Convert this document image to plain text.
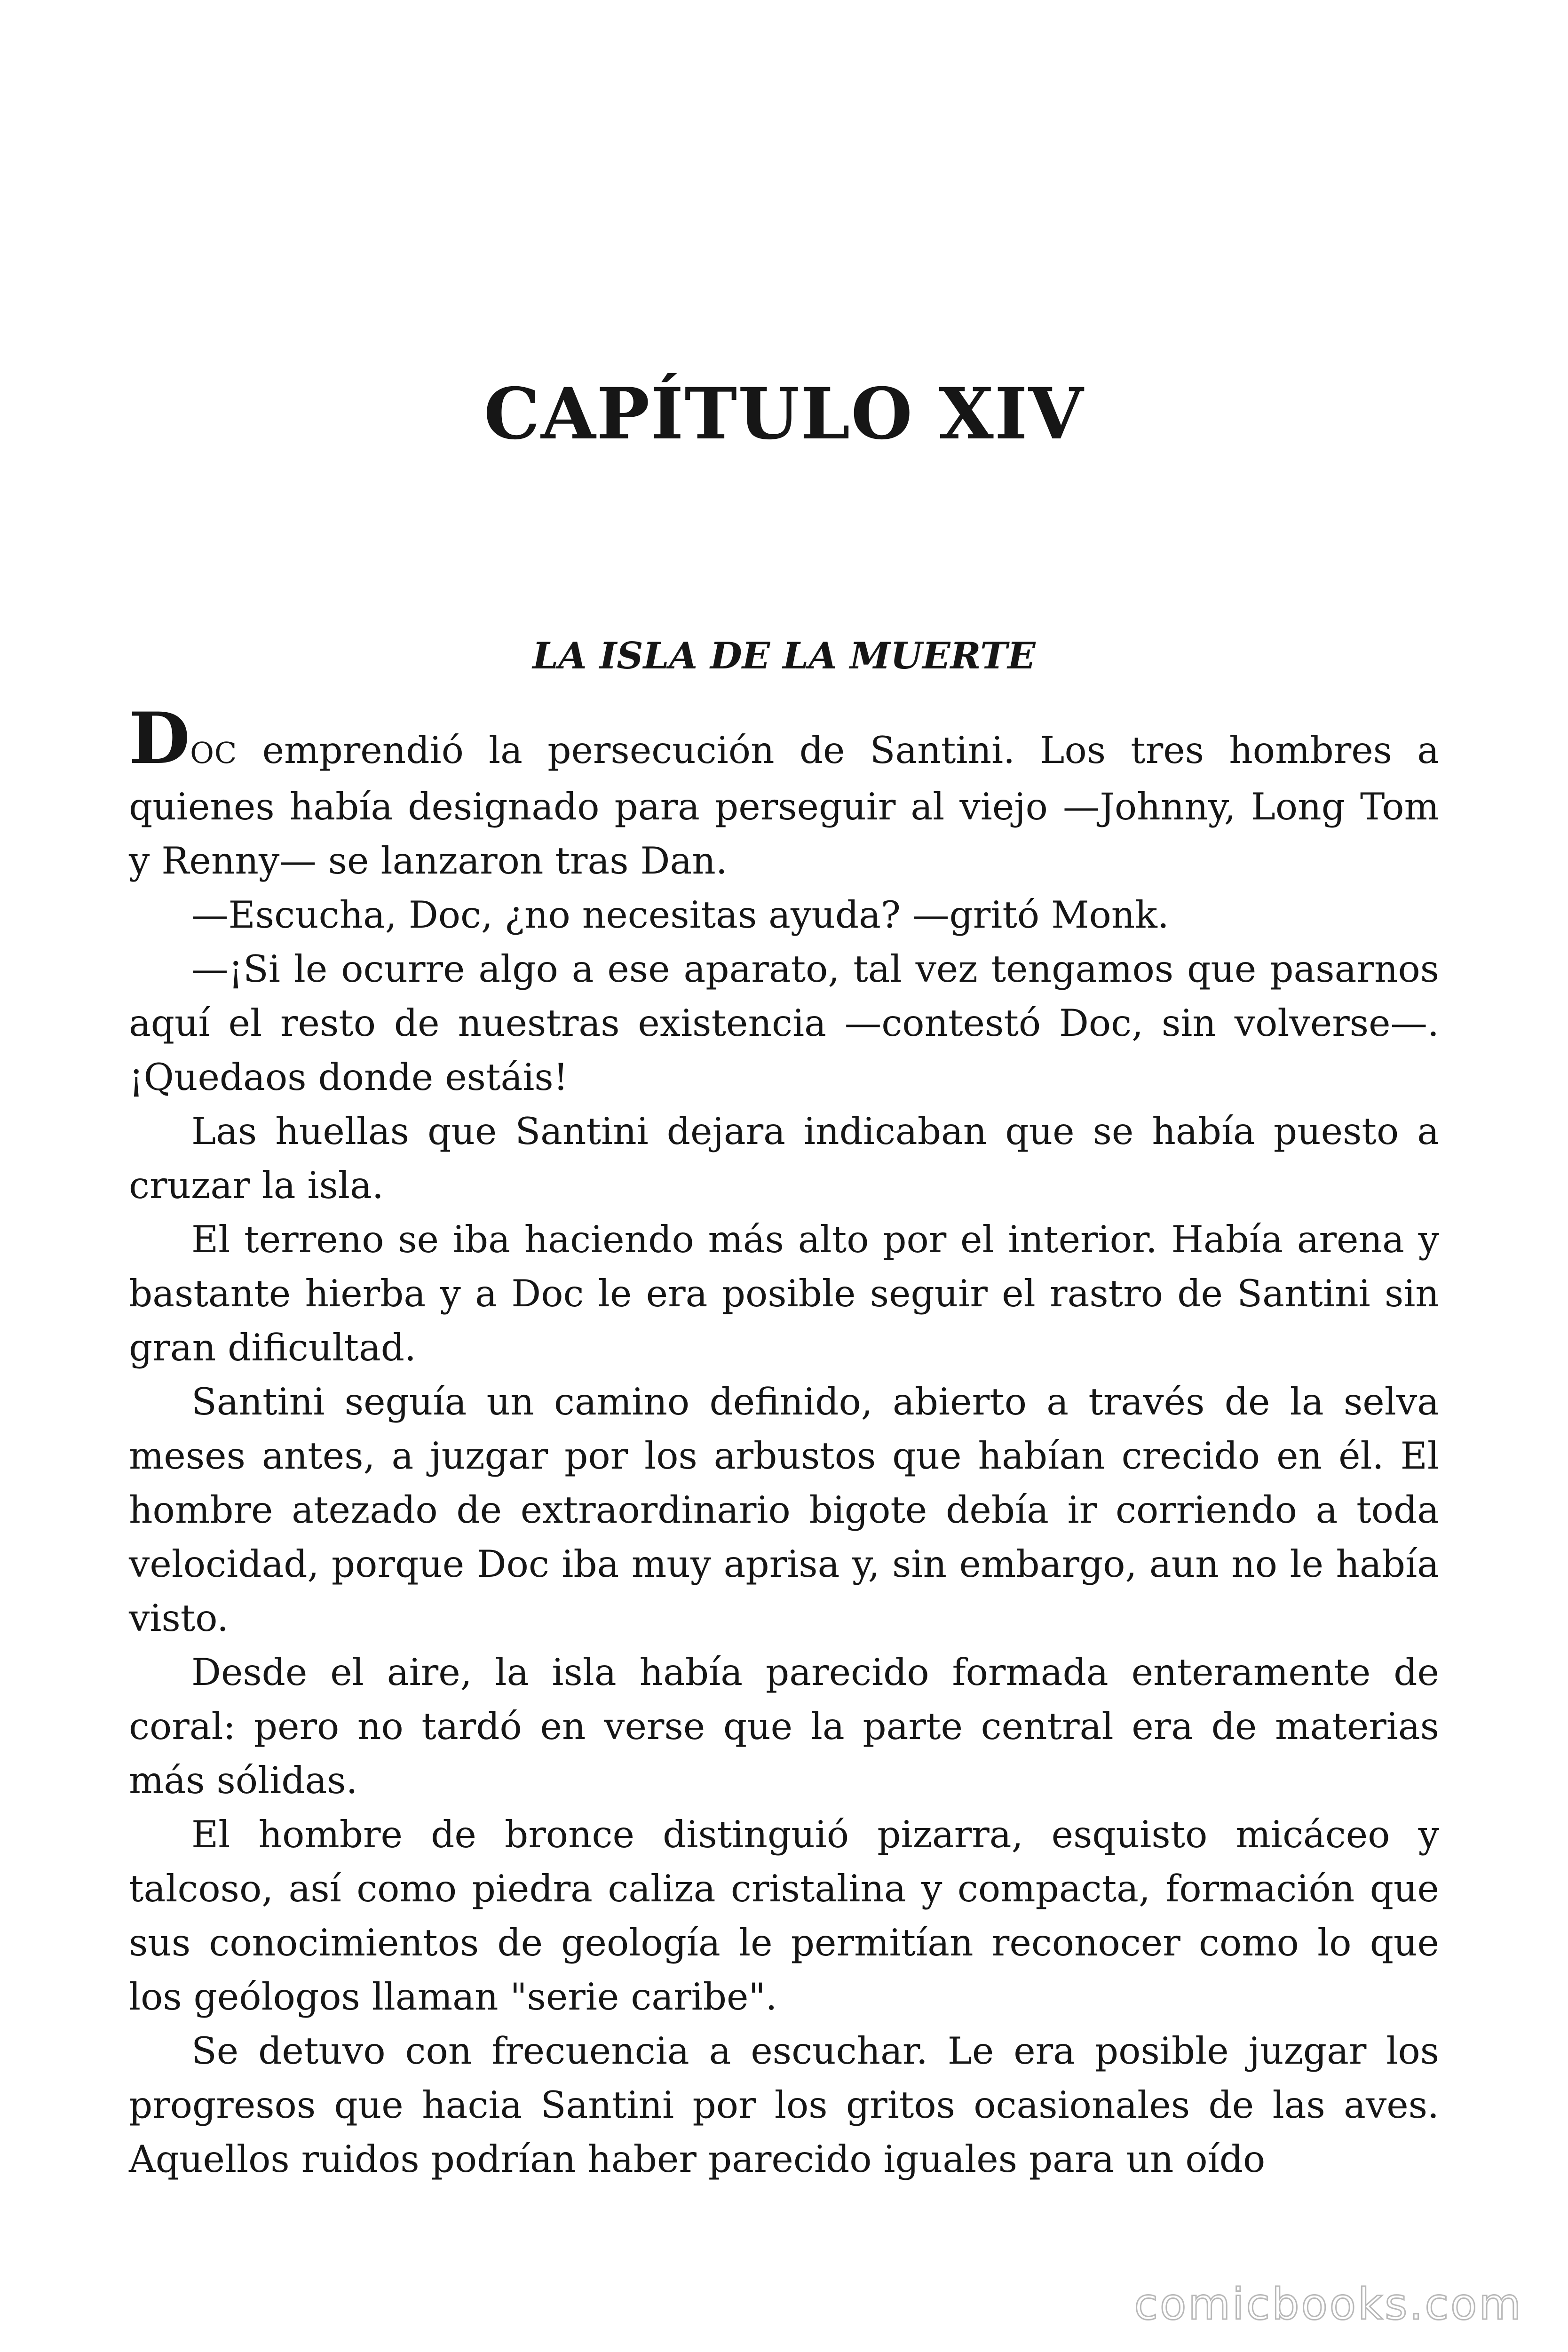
CAPÍTULO XIV
LA ISLA DE LA MUERTE

DOC emprendió la persecución de Santini. Los tres hombres a quienes había designado para perseguir al viejo —Johnny, Long Tom y Renny— se lanzaron tras Dan.

—Escucha, Doc, ¿no necesitas ayuda? —gritó Monk.

—¡Si le ocurre algo a ese aparato, tal vez tengamos que pasarnos aquí el resto de nuestras existencia —contestó Doc, sin volverse—. ¡Quedaos donde estáis!

Las huellas que Santini dejara indicaban que se había puesto a cruzar la isla.

El terreno se iba haciendo más alto por el interior. Había arena y bastante hierba y a Doc le era posible seguir el rastro de Santini sin gran dificultad.

Santini seguía un camino definido, abierto a través de la selva meses antes, a juzgar por los arbustos que habían crecido en él. El hombre atezado de extraordinario bigote debía ir corriendo a toda velocidad, porque Doc iba muy aprisa y, sin embargo, aun no le había visto.

Desde el aire, la isla había parecido formada enteramente de coral: pero no tardó en verse que la parte central era de materias más sólidas.

El hombre de bronce distinguió pizarra, esquisto micáceo y talcoso, así como piedra caliza cristalina y compacta, formación que sus conocimientos de geología le permitían reconocer como lo que los geólogos llaman "serie caribe".

Se detuvo con frecuencia a escuchar. Le era posible juzgar los progresos que hacia Santini por los gritos ocasionales de las aves. Aquellos ruidos podrían haber parecido iguales para un oído

comicbooks.com
